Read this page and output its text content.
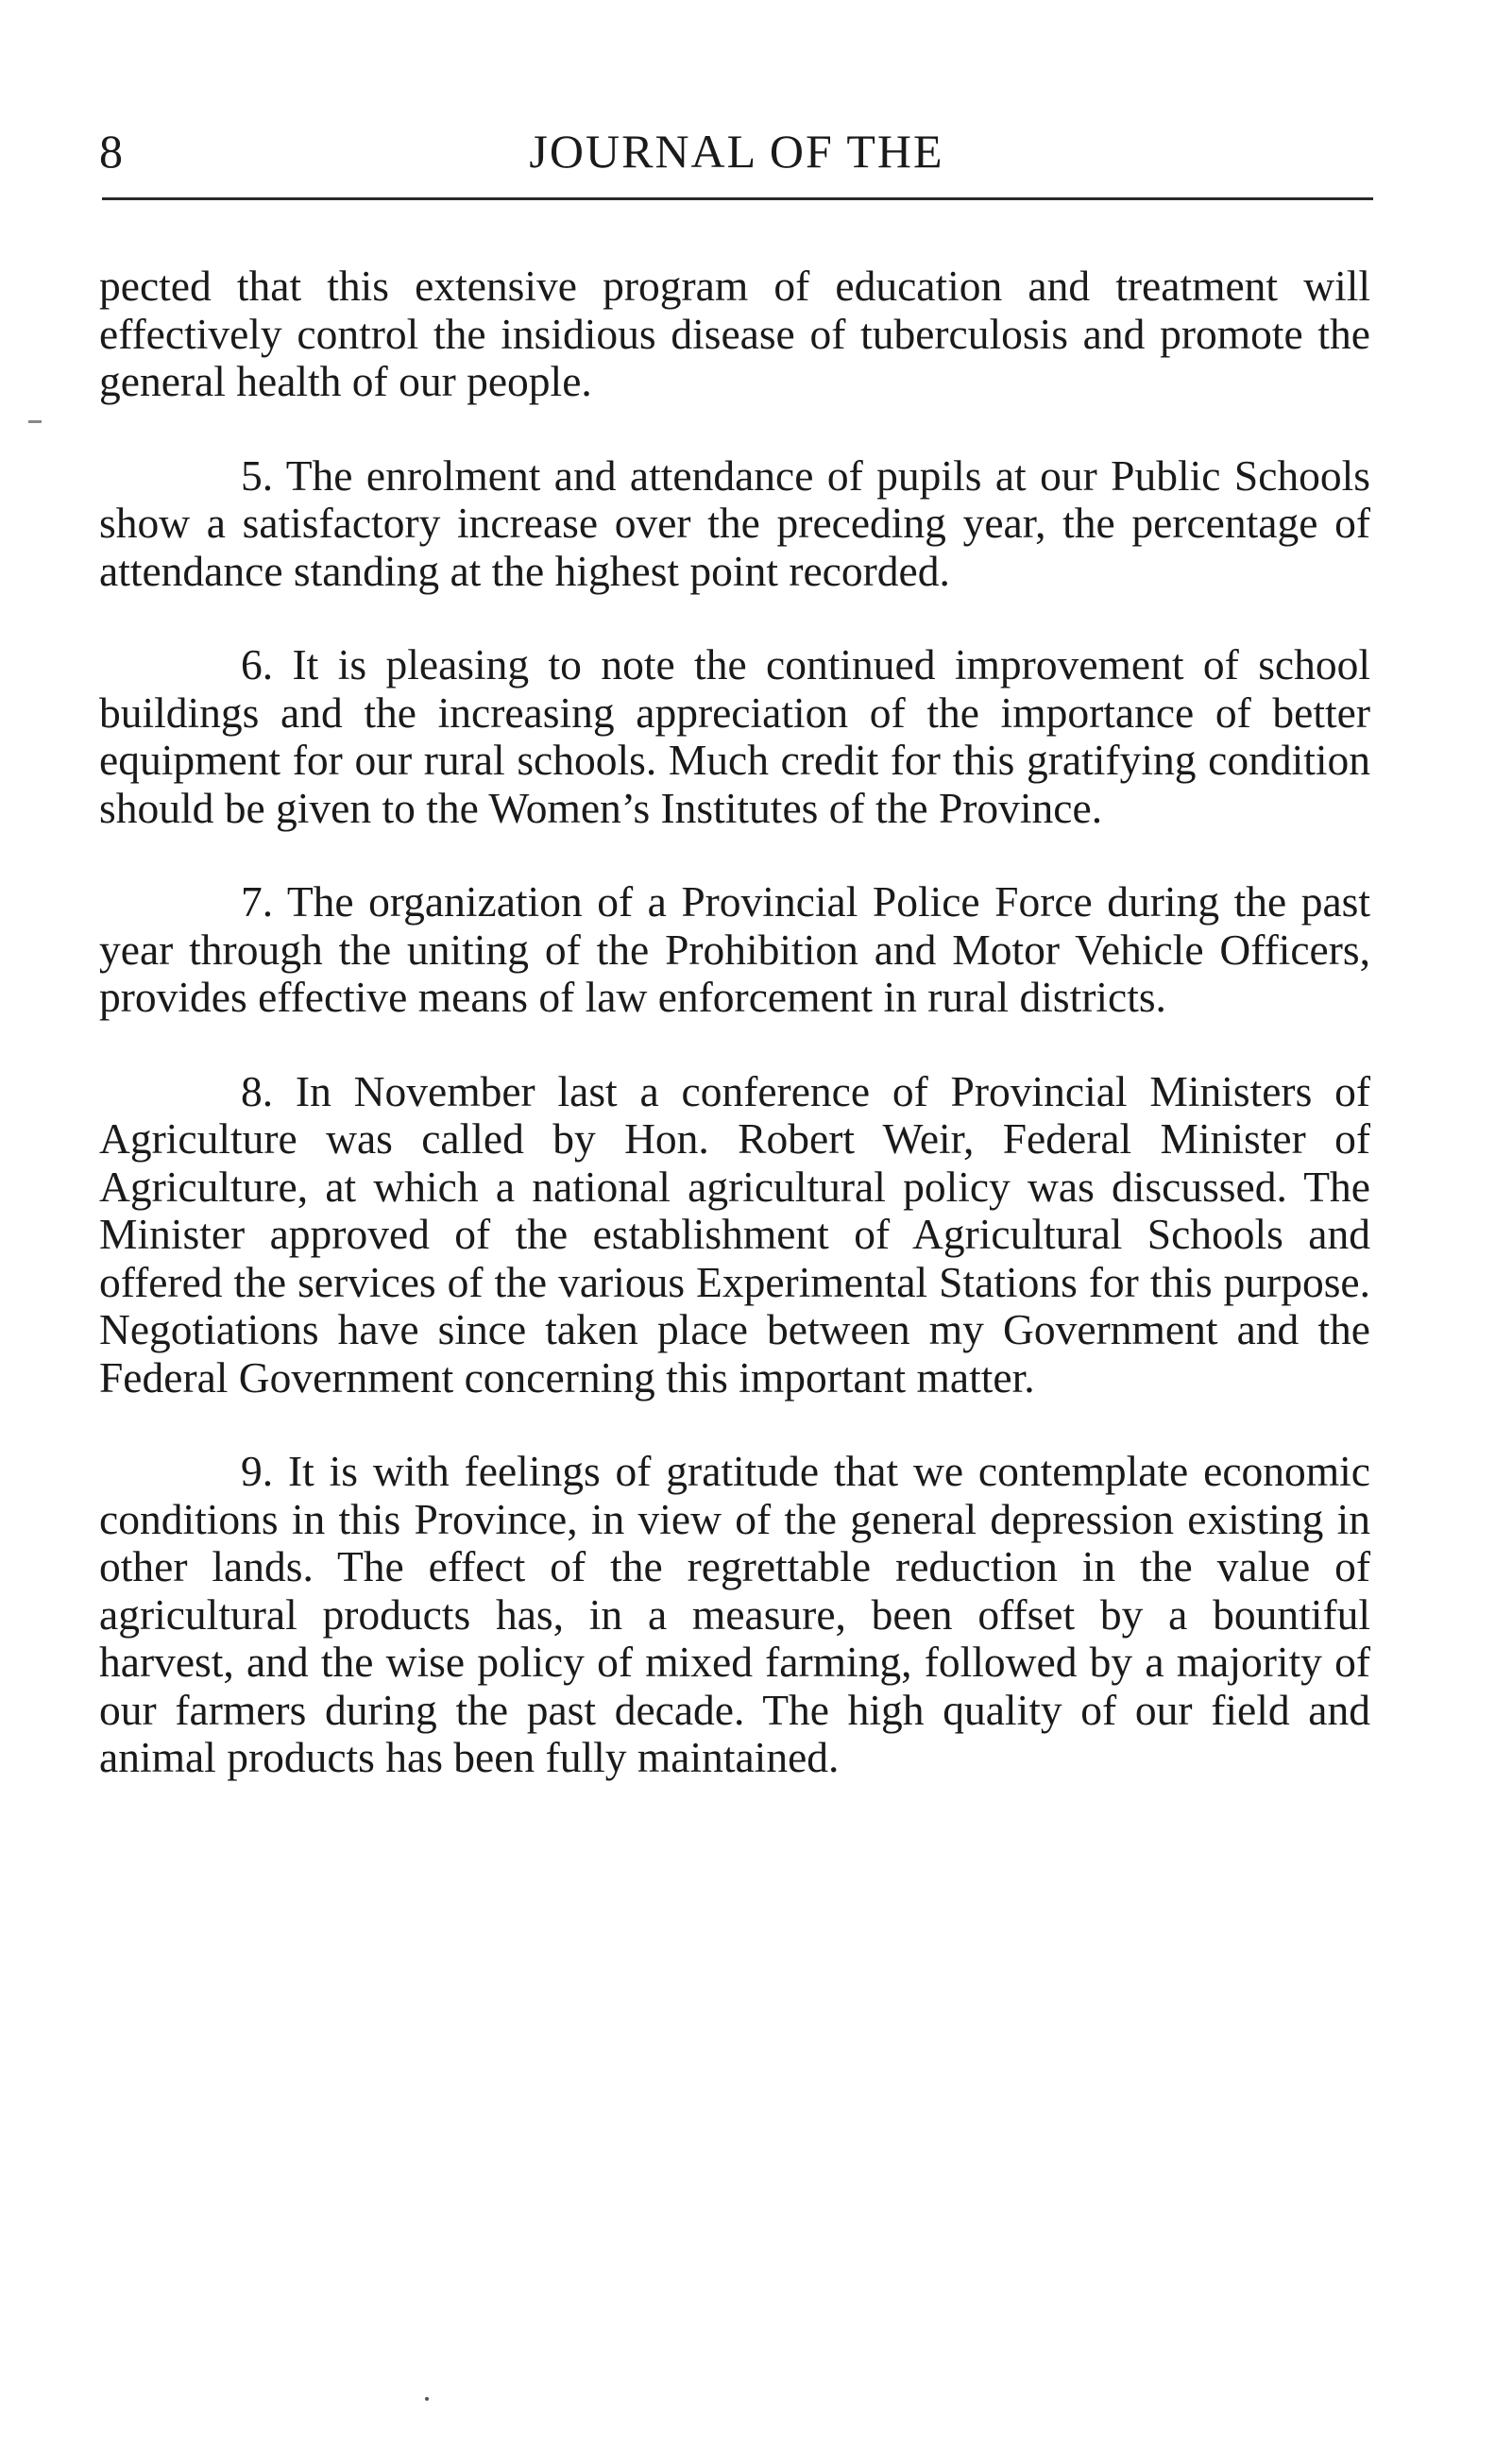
8	JOURNAL OF THE

pected that this extensive program of education and treatment will effectively control the insidious disease of tuberculosis and promote the general health of our people.

5. The enrolment and attendance of pupils at our Public Schools show a satisfactory increase over the preceding year, the percentage of attendance standing at the highest point recorded.

6. It is pleasing to note the continued improvement of school buildings and the increasing appreciation of the importance of better equipment for our rural schools. Much credit for this gratifying condition should be given to the Women’s Institutes of the Province.

7. The organization of a Provincial Police Force during the past year through the uniting of the Prohibition and Motor Vehicle Officers, provides effective means of law enforcement in rural districts.

8. In November last a conference of Provincial Ministers of Agriculture was called by Hon. Robert Weir, Federal Minister of Agriculture, at which a national agricultural policy was discussed. The Minister approved of the establishment of Agricultural Schools and offered the services of the various Experimental Stations for this purpose. Negotiations have since taken place between my Government and the Federal Government concerning this important matter.

9. It is with feelings of gratitude that we contemplate economic conditions in this Province, in view of the general depression existing in other lands. The effect of the regrettable reduction in the value of agricultural products has, in a measure, been offset by a bountiful harvest, and the wise policy of mixed farming, followed by a majority of our farmers during the past decade. The high quality of our field and animal products has been fully maintained.
